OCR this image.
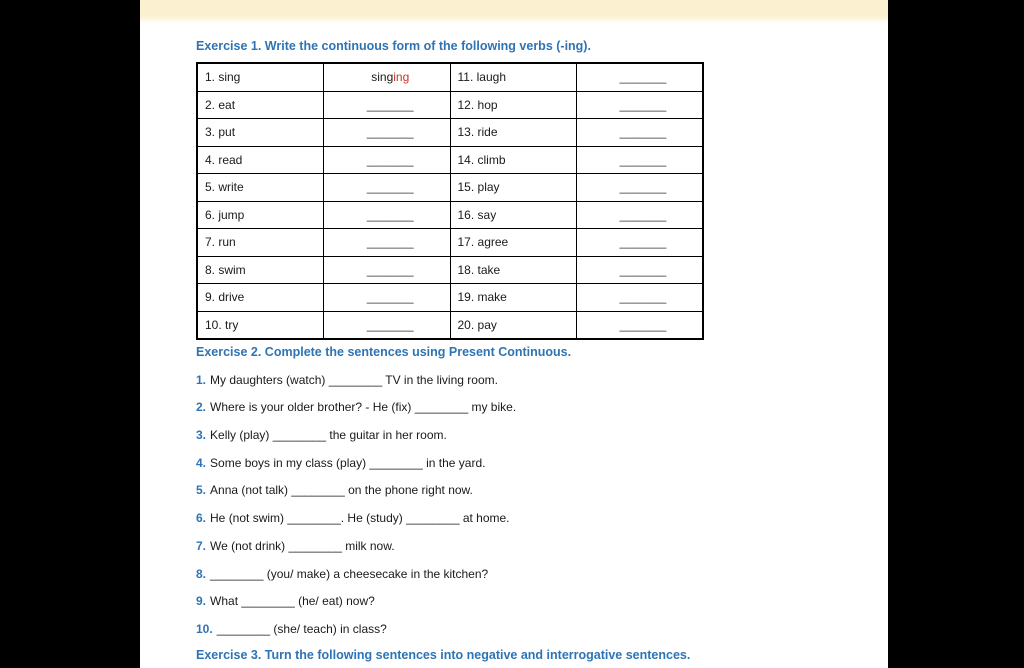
Exercise 1. Write the continuous form of the following verbs (-ing).

1. sing	singing	11. laugh	_______
2. eat	_______	12. hop	_______
3. put	_______	13. ride	_______
4. read	_______	14. climb	_______
5. write	_______	15. play	_______
6. jump	_______	16. say	_______
7. run	_______	17. agree	_______
8. swim	_______	18. take	_______
9. drive	_______	19. make	_______
10. try	_______	20. pay	_______

Exercise 2. Complete the sentences using Present Continuous.

1. My daughters (watch) ________ TV in the living room.

2. Where is your older brother? - He (fix) ________ my bike.

3. Kelly (play) ________ the guitar in her room.

4. Some boys in my class (play) ________ in the yard.

5. Anna (not talk) ________ on the phone right now.

6. He (not swim) ________. He (study) ________ at home.

7. We (not drink) ________ milk now.

8. ________ (you/ make) a cheesecake in the kitchen?

9. What ________ (he/ eat) now?

10. ________ (she/ teach) in class?

Exercise 3. Turn the following sentences into negative and interrogative sentences.
